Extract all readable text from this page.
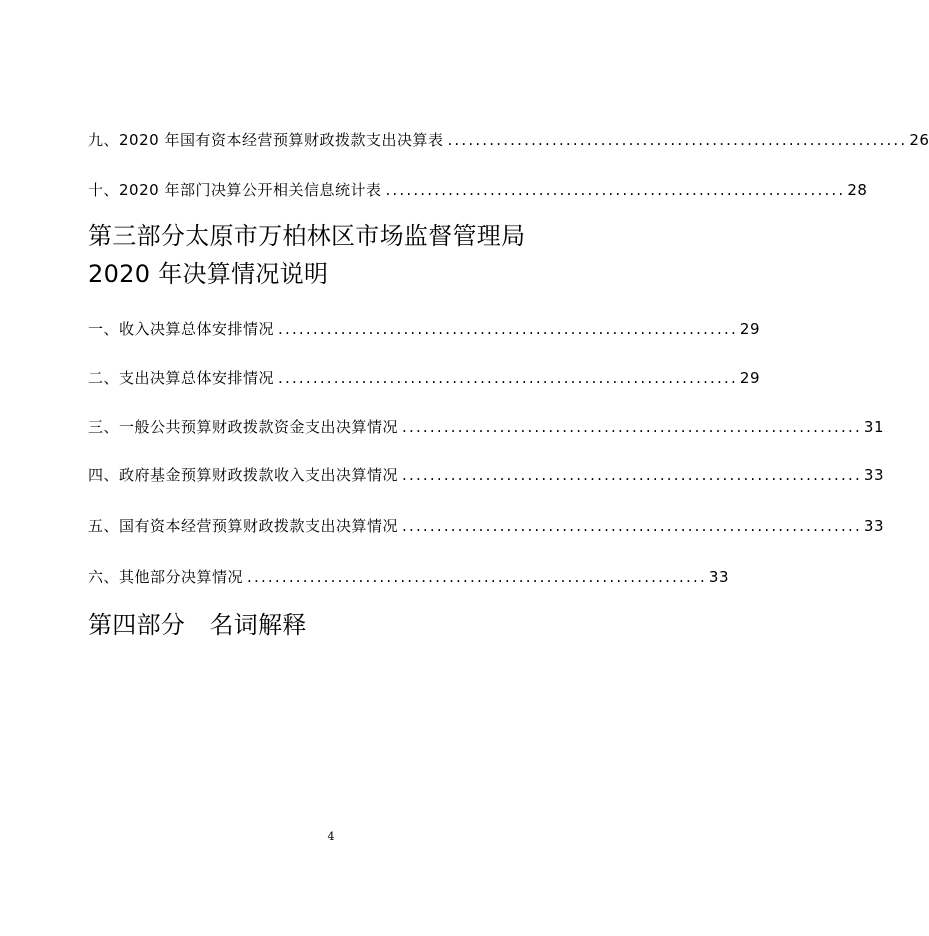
九、2020 年国有资本经营预算财政拨款支出决算表 .................................................................. 26
十、2020 年部门决算公开相关信息统计表 .................................................................. 28
第三部分太原市万柏林区市场监督管理局
2020 年决算情况说明
一、收入决算总体安排情况 .................................................................. 29
二、支出决算总体安排情况 .................................................................. 29
三、一般公共预算财政拨款资金支出决算情况 .................................................................. 31
四、政府基金预算财政拨款收入支出决算情况 .................................................................. 33
五、国有资本经营预算财政拨款支出决算情况 .................................................................. 33
六、其他部分决算情况 .................................................................. 33
第四部分　名词解释
4
